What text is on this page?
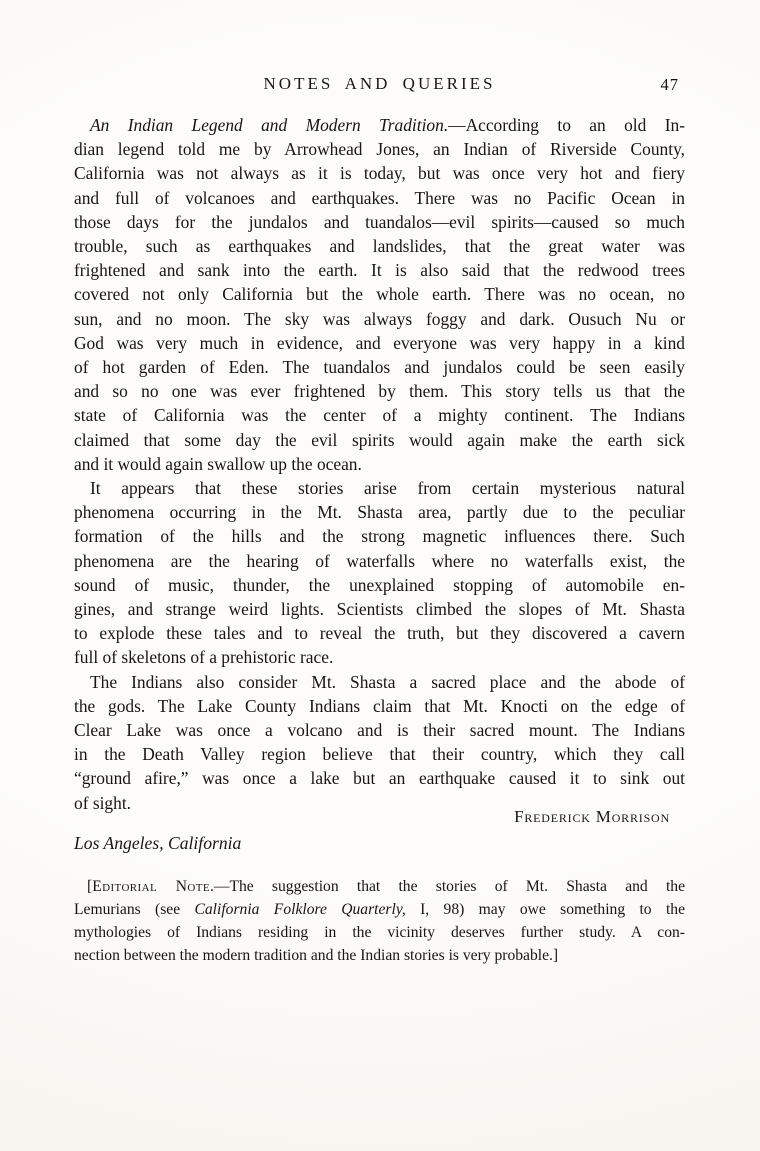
NOTES AND QUERIES	47
An Indian Legend and Modern Tradition.—According to an old In-
dian legend told me by Arrowhead Jones, an Indian of Riverside County,
California was not always as it is today, but was once very hot and fiery
and full of volcanoes and earthquakes. There was no Pacific Ocean in
those days for the jundalos and tuandalos—evil spirits—caused so much
trouble, such as earthquakes and landslides, that the great water was
frightened and sank into the earth. It is also said that the redwood trees
covered not only California but the whole earth. There was no ocean, no
sun, and no moon. The sky was always foggy and dark. Ousuch Nu or
God was very much in evidence, and everyone was very happy in a kind
of hot garden of Eden. The tuandalos and jundalos could be seen easily
and so no one was ever frightened by them. This story tells us that the
state of California was the center of a mighty continent. The Indians
claimed that some day the evil spirits would again make the earth sick
and it would again swallow up the ocean.
It appears that these stories arise from certain mysterious natural
phenomena occurring in the Mt. Shasta area, partly due to the peculiar
formation of the hills and the strong magnetic influences there. Such
phenomena are the hearing of waterfalls where no waterfalls exist, the
sound of music, thunder, the unexplained stopping of automobile en-
gines, and strange weird lights. Scientists climbed the slopes of Mt. Shasta
to explode these tales and to reveal the truth, but they discovered a cavern
full of skeletons of a prehistoric race.
The Indians also consider Mt. Shasta a sacred place and the abode of
the gods. The Lake County Indians claim that Mt. Knocti on the edge of
Clear Lake was once a volcano and is their sacred mount. The Indians
in the Death Valley region believe that their country, which they call
“ground afire,” was once a lake but an earthquake caused it to sink out
of sight.
Frederick Morrison
Los Angeles, California
[Editorial Note.—The suggestion that the stories of Mt. Shasta and the
Lemurians (see California Folklore Quarterly, I, 98) may owe something to the
mythologies of Indians residing in the vicinity deserves further study. A con-
nection between the modern tradition and the Indian stories is very probable.]
